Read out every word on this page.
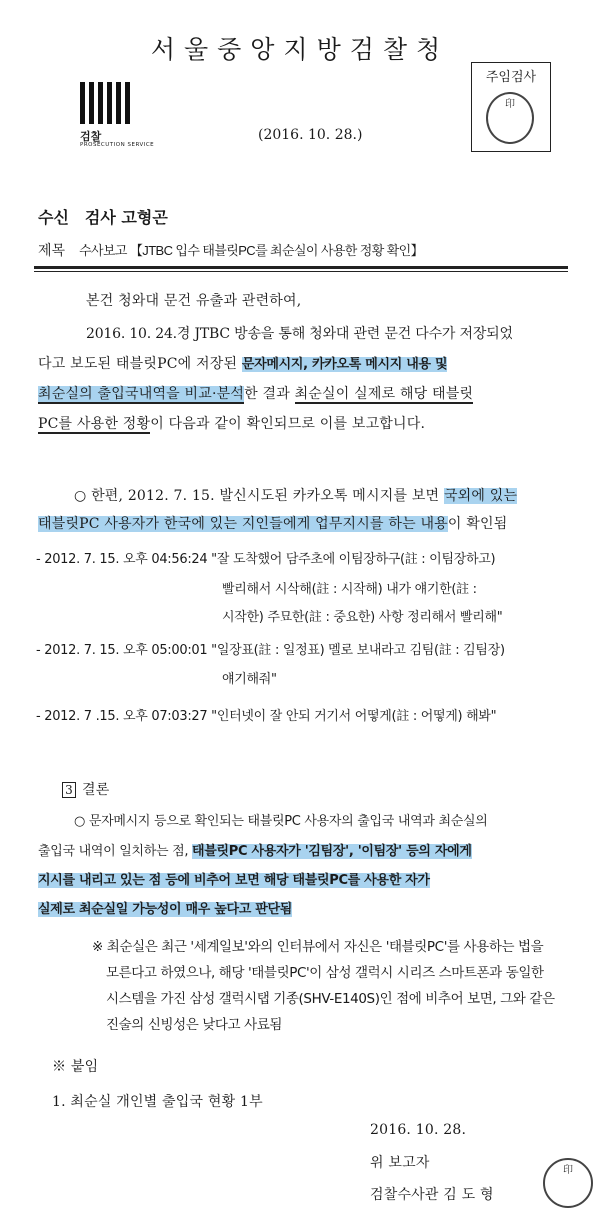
서울중앙지방검찰청
검찰
PROSECUTION SERVICE
(2016. 10. 28.)
주임검사
印
수신 검사 고형곤
제목 수사보고 【JTBC 입수 태블릿PC를 최순실이 사용한 정황 확인】
본건 청와대 문건 유출과 관련하여,
2016. 10. 24.경 JTBC 방송을 통해 청와대 관련 문건 다수가 저장되었
다고 보도된 태블릿PC에 저장된 문자메시지, 카카오톡 메시지 내용 및
최순실의 출입국내역을 비교·분석한 결과 최순실이 실제로 해당 태블릿
PC를 사용한 정황이 다음과 같이 확인되므로 이를 보고합니다.
○ 한편, 2012. 7. 15. 발신시도된 카카오톡 메시지를 보면 국외에 있는
태블릿PC 사용자가 한국에 있는 지인들에게 업무지시를 하는 내용이 확인됨
- 2012. 7. 15. 오후 04:56:24 "잘 도착했어 담주초에 이팀장하구(註 : 이팀장하고)
빨리해서 시삭해(註 : 시작해) 내가 얘기한(註 :
시작한) 주묘한(註 : 중요한) 사항 정리해서 빨리해"
- 2012. 7. 15. 오후 05:00:01 "일장표(註 : 일정표) 멜로 보내라고 김팀(註 : 김팀장)
얘기해줘"
- 2012. 7 .15. 오후 07:03:27 "인터넷이 잘 안되 거기서 어떻게(註 : 어떻게) 해봐"
3 결론
○ 문자메시지 등으로 확인되는 태블릿PC 사용자의 출입국 내역과 최순실의
출입국 내역이 일치하는 점, 태블릿PC 사용자가 '김팀장', '이팀장' 등의 자에게
지시를 내리고 있는 점 등에 비추어 보면 해당 태블릿PC를 사용한 자가
실제로 최순실일 가능성이 매우 높다고 판단됨
※ 최순실은 최근 '세계일보'와의 인터뷰에서 자신은 '태블릿PC'를 사용하는 법을
모른다고 하였으나, 해당 '태블릿PC'이 삼성 갤럭시 시리즈 스마트폰과 동일한
시스템을 가진 삼성 갤럭시탭 기종(SHV-E140S)인 점에 비추어 보면, 그와 같은
진술의 신빙성은 낮다고 사료됨
※ 붙임
1. 최순실 개인별 출입국 현황 1부
2016. 10. 28.
위 보고자
검찰수사관 김 도 형
印
